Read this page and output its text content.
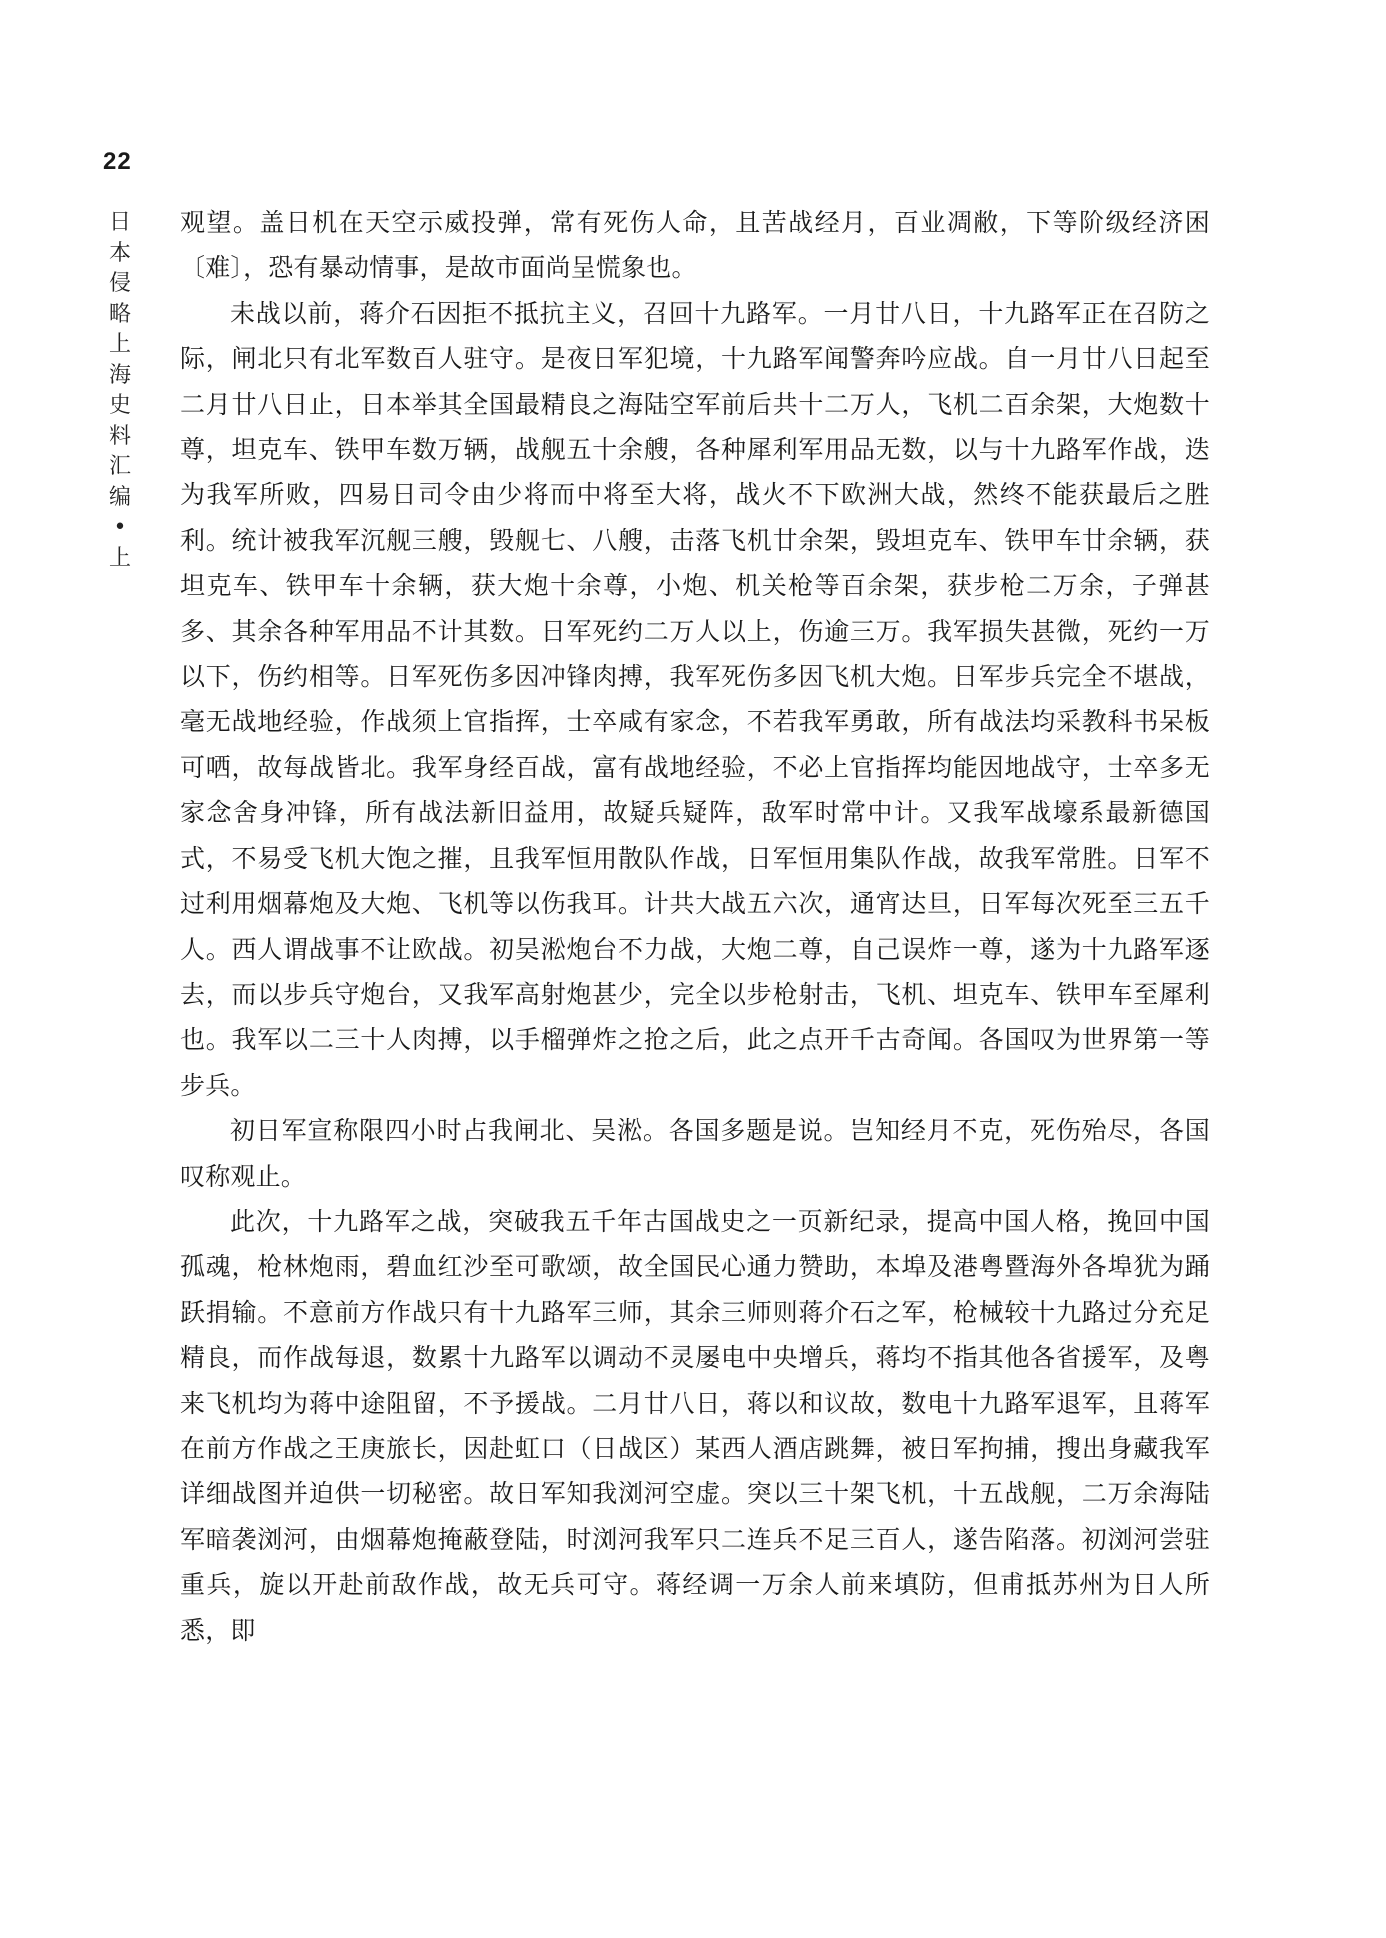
22
日
本
侵
略
上
海
史
料
汇
编
•
上

观望。盖日机在天空示威投弹，常有死伤人命，且苦战经月，百业凋敝，下等阶级经济困〔难〕，恐有暴动情事，是故市面尚呈慌象也。

未战以前，蒋介石因拒不抵抗主义，召回十九路军。一月廿八日，十九路军正在召防之际，闸北只有北军数百人驻守。是夜日军犯境，十九路军闻警奔吟应战。自一月廿八日起至二月廿八日止，日本举其全国最精良之海陆空军前后共十二万人，飞机二百余架，大炮数十尊，坦克车、铁甲车数万辆，战舰五十余艘，各种犀利军用品无数，以与十九路军作战，迭为我军所败，四易日司令由少将而中将至大将，战火不下欧洲大战，然终不能获最后之胜利。统计被我军沉舰三艘，毁舰七、八艘，击落飞机廿余架，毁坦克车、铁甲车廿余辆，获坦克车、铁甲车十余辆，获大炮十余尊，小炮、机关枪等百余架，获步枪二万余，子弹甚多、其余各种军用品不计其数。日军死约二万人以上，伤逾三万。我军损失甚微，死约一万以下，伤约相等。日军死伤多因冲锋肉搏，我军死伤多因飞机大炮。日军步兵完全不堪战，毫无战地经验，作战须上官指挥，士卒咸有家念，不若我军勇敢，所有战法均采教科书呆板可哂，故每战皆北。我军身经百战，富有战地经验，不必上官指挥均能因地战守，士卒多无家念舍身冲锋，所有战法新旧益用，故疑兵疑阵，敌军时常中计。又我军战壕系最新德国式，不易受飞机大饱之摧，且我军恒用散队作战，日军恒用集队作战，故我军常胜。日军不过利用烟幕炮及大炮、飞机等以伤我耳。计共大战五六次，通宵达旦，日军每次死至三五千人。西人谓战事不让欧战。初吴淞炮台不力战，大炮二尊，自己误炸一尊，遂为十九路军逐去，而以步兵守炮台，又我军高射炮甚少，完全以步枪射击，飞机、坦克车、铁甲车至犀利也。我军以二三十人肉搏，以手榴弹炸之抢之后，此之点开千古奇闻。各国叹为世界第一等步兵。

初日军宣称限四小时占我闸北、吴淞。各国多题是说。岂知经月不克，死伤殆尽，各国叹称观止。

此次，十九路军之战，突破我五千年古国战史之一页新纪录，提高中国人格，挽回中国孤魂，枪林炮雨，碧血红沙至可歌颂，故全国民心通力赞助，本埠及港粤暨海外各埠犹为踊跃捐输。不意前方作战只有十九路军三师，其余三师则蒋介石之军，枪械较十九路过分充足精良，而作战每退，数累十九路军以调动不灵屡电中央增兵，蒋均不指其他各省援军，及粤来飞机均为蒋中途阻留，不予援战。二月廿八日，蒋以和议故，数电十九路军退军，且蒋军在前方作战之王庚旅长，因赴虹口（日战区）某西人酒店跳舞，被日军拘捕，搜出身藏我军详细战图并迫供一切秘密。故日军知我浏河空虚。突以三十架飞机，十五战舰，二万余海陆军暗袭浏河，由烟幕炮掩蔽登陆，时浏河我军只二连兵不足三百人，遂告陷落。初浏河尝驻重兵，旋以开赴前敌作战，故无兵可守。蒋经调一万余人前来填防，但甫抵苏州为日人所悉，即
